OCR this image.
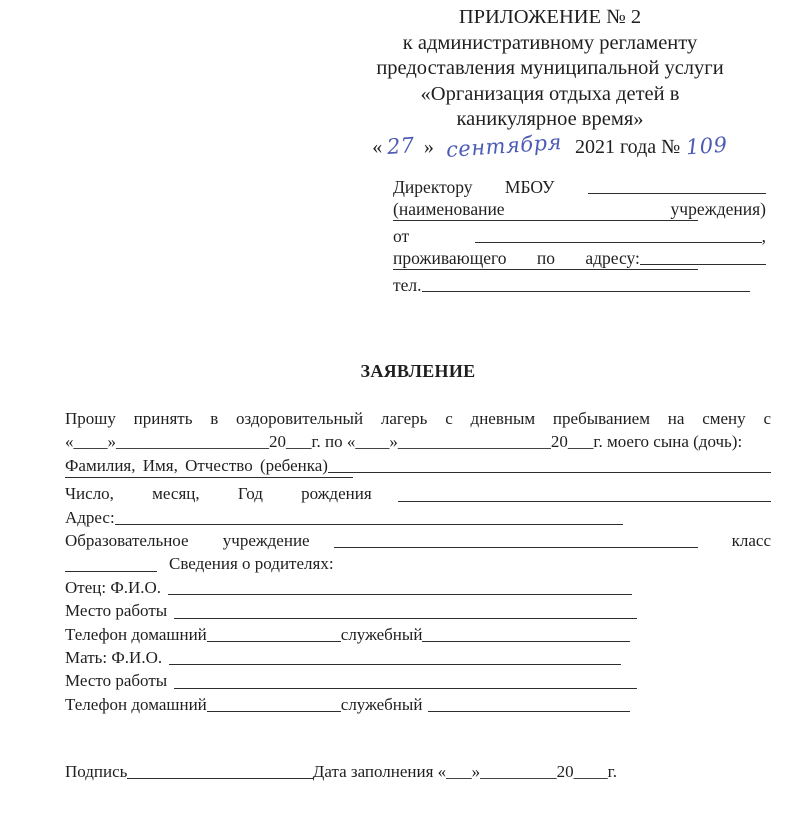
ПРИЛОЖЕНИЕ № 2
к административному регламенту
предоставления муниципальной услуги
«Организация отдыха детей в
каникулярное время»
« 27 » сентября 2021 года № 109
Директору МБОУ
(наименование	учреждения)
от	,
проживающего по адресу:
тел.
ЗАЯВЛЕНИЕ
Прошу принять в оздоровительный лагерь с дневным пребыванием на смену с
«____»__________________20___г. по «____»__________________20___г. моего сына (дочь):
Фамилия, Имя, Отчество (ребенка)
Число, месяц, Год рождения
Адрес:
Образовательное учреждение	класс
Сведения о родителях:
Отец: Ф.И.О.
Место работы
Телефон домашний	служебный
Мать: Ф.И.О.
Место работы
Телефон домашний	служебный
Подпись	Дата заполнения «___»_________20____г.
